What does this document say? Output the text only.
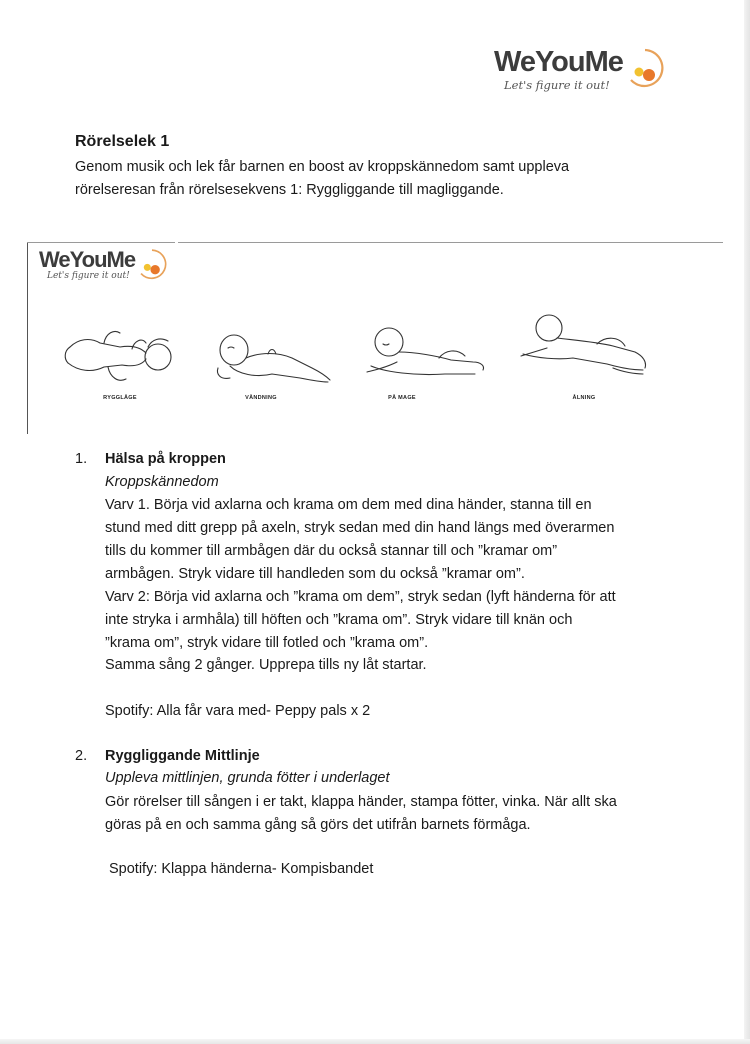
WeYouMe
Let's figure it out!
Rörelselek 1
Genom musik och lek får barnen en boost av kroppskännedom samt uppleva
rörelseresan från rörelsesekvens 1: Ryggliggande till magliggande.
WeYouMe
Let's figure it out!
RYGGLÄGE	VÄNDNING	PÅ MAGE	ÅLNING
1. Hälsa på kroppen
Kroppskännedom
Varv 1. Börja vid axlarna och krama om dem med dina händer, stanna till en
stund med ditt grepp på axeln, stryk sedan med din hand längs med överarmen
tills du kommer till armbågen där du också stannar till och ”kramar om”
armbågen. Stryk vidare till handleden som du också ”kramar om”.
Varv 2: Börja vid axlarna och ”krama om dem”, stryk sedan (lyft händerna för att
inte stryka i armhåla) till höften och ”krama om”. Stryk vidare till knän och
”krama om”, stryk vidare till fotled och ”krama om”.
Samma sång 2 gånger. Upprepa tills ny låt startar.
Spotify: Alla får vara med- Peppy pals x 2
2. Ryggliggande Mittlinje
Uppleva mittlinjen, grunda fötter i underlaget
Gör rörelser till sången i er takt, klappa händer, stampa fötter, vinka. När allt ska
göras på en och samma gång så görs det utifrån barnets förmåga.
Spotify: Klappa händerna- Kompisbandet
